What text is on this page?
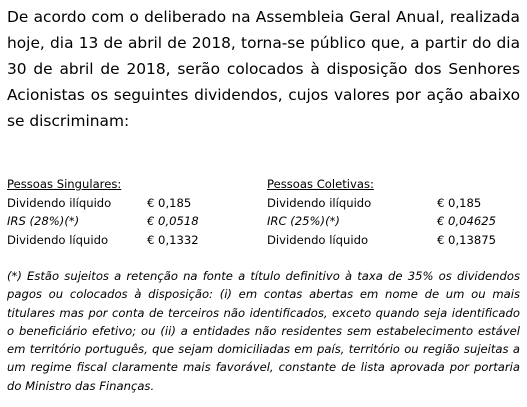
De acordo com o deliberado na Assembleia Geral Anual, realizada hoje, dia 13 de abril de 2018, torna-se público que, a partir do dia 30 de abril de 2018, serão colocados à disposição dos Senhores Acionistas os seguintes dividendos, cujos valores por ação abaixo se discriminam:

Pessoas Singulares:
Dividendo ilíquido	€ 0,185
IRS (28%)(*)	€ 0,0518
Dividendo líquido	€ 0,1332
Pessoas Coletivas:
Dividendo ilíquido	€ 0,185
IRC (25%)(*)	€ 0,04625
Dividendo líquido	€ 0,13875

(*) Estão sujeitos a retenção na fonte a título definitivo à taxa de 35% os dividendos pagos ou colocados à disposição: (i) em contas abertas em nome de um ou mais titulares mas por conta de terceiros não identificados, exceto quando seja identificado o beneficiário efetivo; ou (ii) a entidades não residentes sem estabelecimento estável em território português, que sejam domiciliadas em país, território ou região sujeitas a um regime fiscal claramente mais favorável, constante de lista aprovada por portaria do Ministro das Finanças.
